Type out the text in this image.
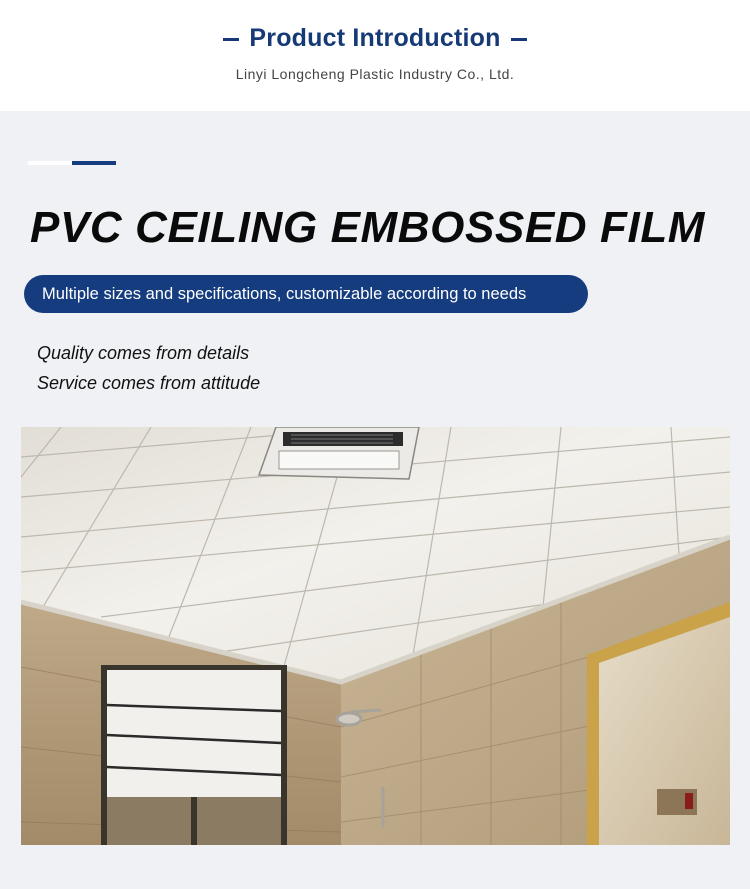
Product Introduction
Linyi Longcheng Plastic Industry Co., Ltd.
PVC CEILING EMBOSSED FILM
Multiple sizes and specifications, customizable according to needs
Quality comes from details
Service comes from attitude
